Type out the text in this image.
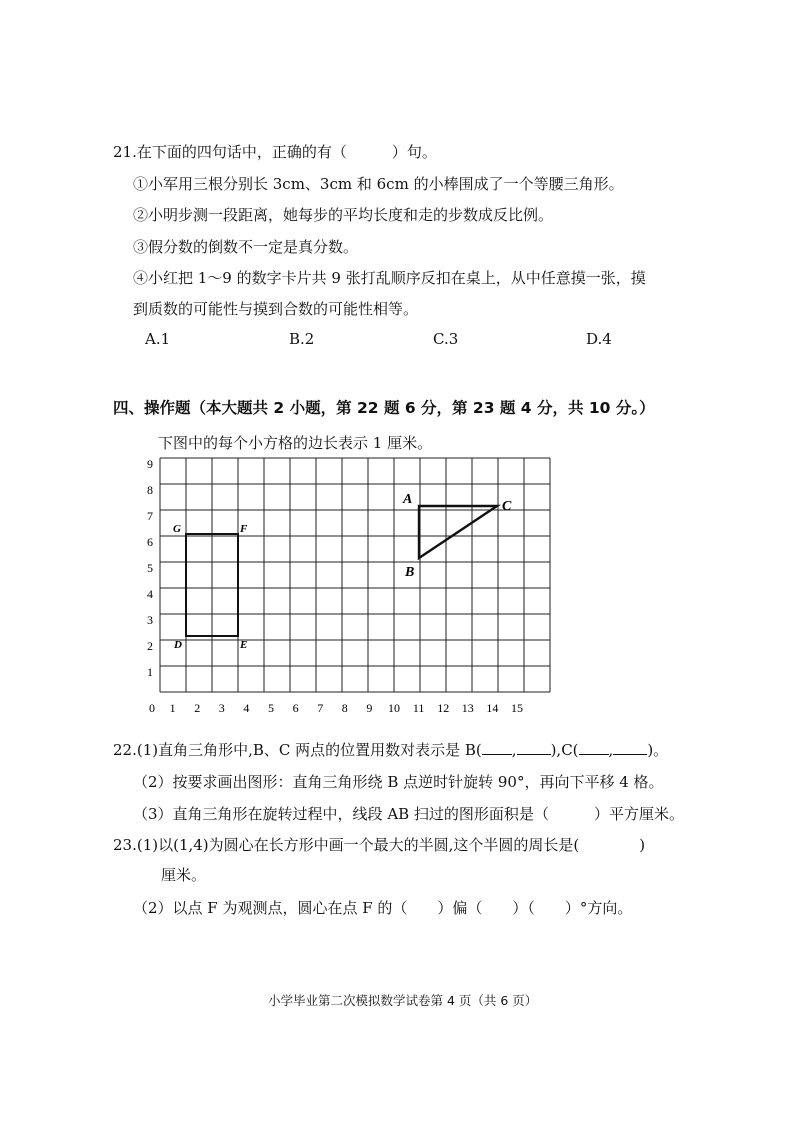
21.在下面的四句话中，正确的有（　　　）句。
①小军用三根分别长 3cm、3cm 和 6cm 的小棒围成了一个等腰三角形。
②小明步测一段距离，她每步的平均长度和走的步数成反比例。
③假分数的倒数不一定是真分数。
④小红把 1～9 的数字卡片共 9 张打乱顺序反扣在桌上，从中任意摸一张，摸
到质数的可能性与摸到合数的可能性相等。
A.1	B.2	C.3	D.4
四、操作题（本大题共 2 小题，第 22 题 6 分，第 23 题 4 分，共 10 分。）
下图中的每个小方格的边长表示 1 厘米。
0 1 2 3 4 5 6 7 8 9 10 11 12 13 14 15
1
2
3
4
5
6
7
8
9
A
B
C
G	F
D	E
22.(1)直角三角形中,B、C 两点的位置用数对表示是 B( , ),C( , )。
（2）按要求画出图形：直角三角形绕 B 点逆时针旋转 90°，再向下平移 4 格。
（3）直角三角形在旋转过程中，线段 AB 扫过的图形面积是（　　　）平方厘米。
23.(1)以(1,4)为圆心在长方形中画一个最大的半圆,这个半圆的周长是(　　　　)
厘米。
（2）以点 F 为观测点，圆心在点 F 的（　　）偏（　　）（　　）°方向。
小学毕业第二次模拟数学试卷第 4 页（共 6 页）
